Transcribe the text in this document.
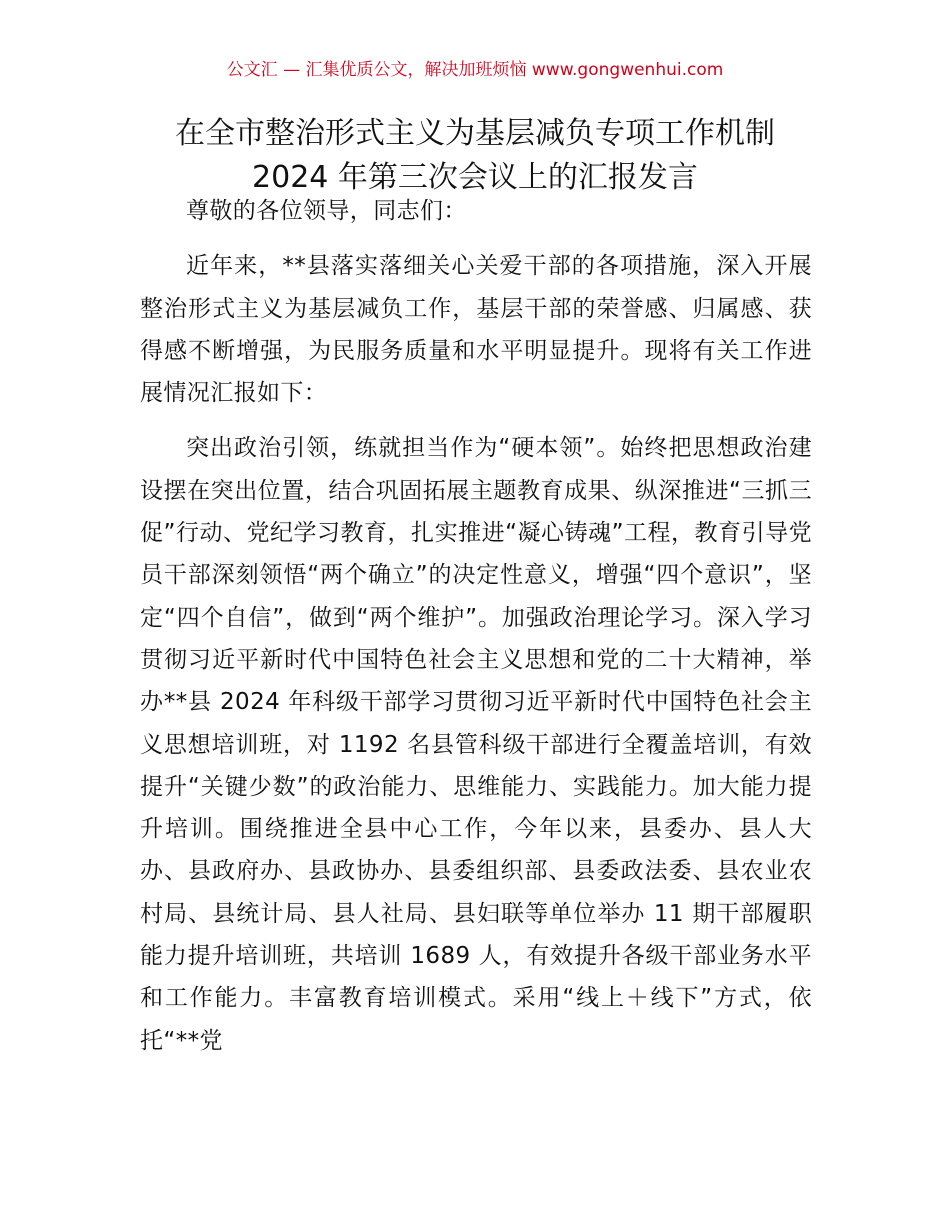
公文汇 — 汇集优质公文，解决加班烦恼 www.gongwenhui.com
在全市整治形式主义为基层减负专项工作机制
2024 年第三次会议上的汇报发言

尊敬的各位领导，同志们：

近年来，**县落实落细关心关爱干部的各项措施，深入开展整治形式主义为基层减负工作，基层干部的荣誉感、归属感、获得感不断增强，为民服务质量和水平明显提升。现将有关工作进展情况汇报如下：

突出政治引领，练就担当作为“硬本领”。始终把思想政治建设摆在突出位置，结合巩固拓展主题教育成果、纵深推进“三抓三促”行动、党纪学习教育，扎实推进“凝心铸魂”工程，教育引导党员干部深刻领悟“两个确立”的决定性意义，增强“四个意识”，坚定“四个自信”，做到“两个维护”。加强政治理论学习。深入学习贯彻习近平新时代中国特色社会主义思想和党的二十大精神，举办**县 2024 年科级干部学习贯彻习近平新时代中国特色社会主义思想培训班，对 1192 名县管科级干部进行全覆盖培训，有效提升“关键少数”的政治能力、思维能力、实践能力。加大能力提升培训。围绕推进全县中心工作，今年以来，县委办、县人大办、县政府办、县政协办、县委组织部、县委政法委、县农业农村局、县统计局、县人社局、县妇联等单位举办 11 期干部履职能力提升培训班，共培训 1689 人，有效提升各级干部业务水平和工作能力。丰富教育培训模式。采用“线上＋线下”方式，依托“**党
